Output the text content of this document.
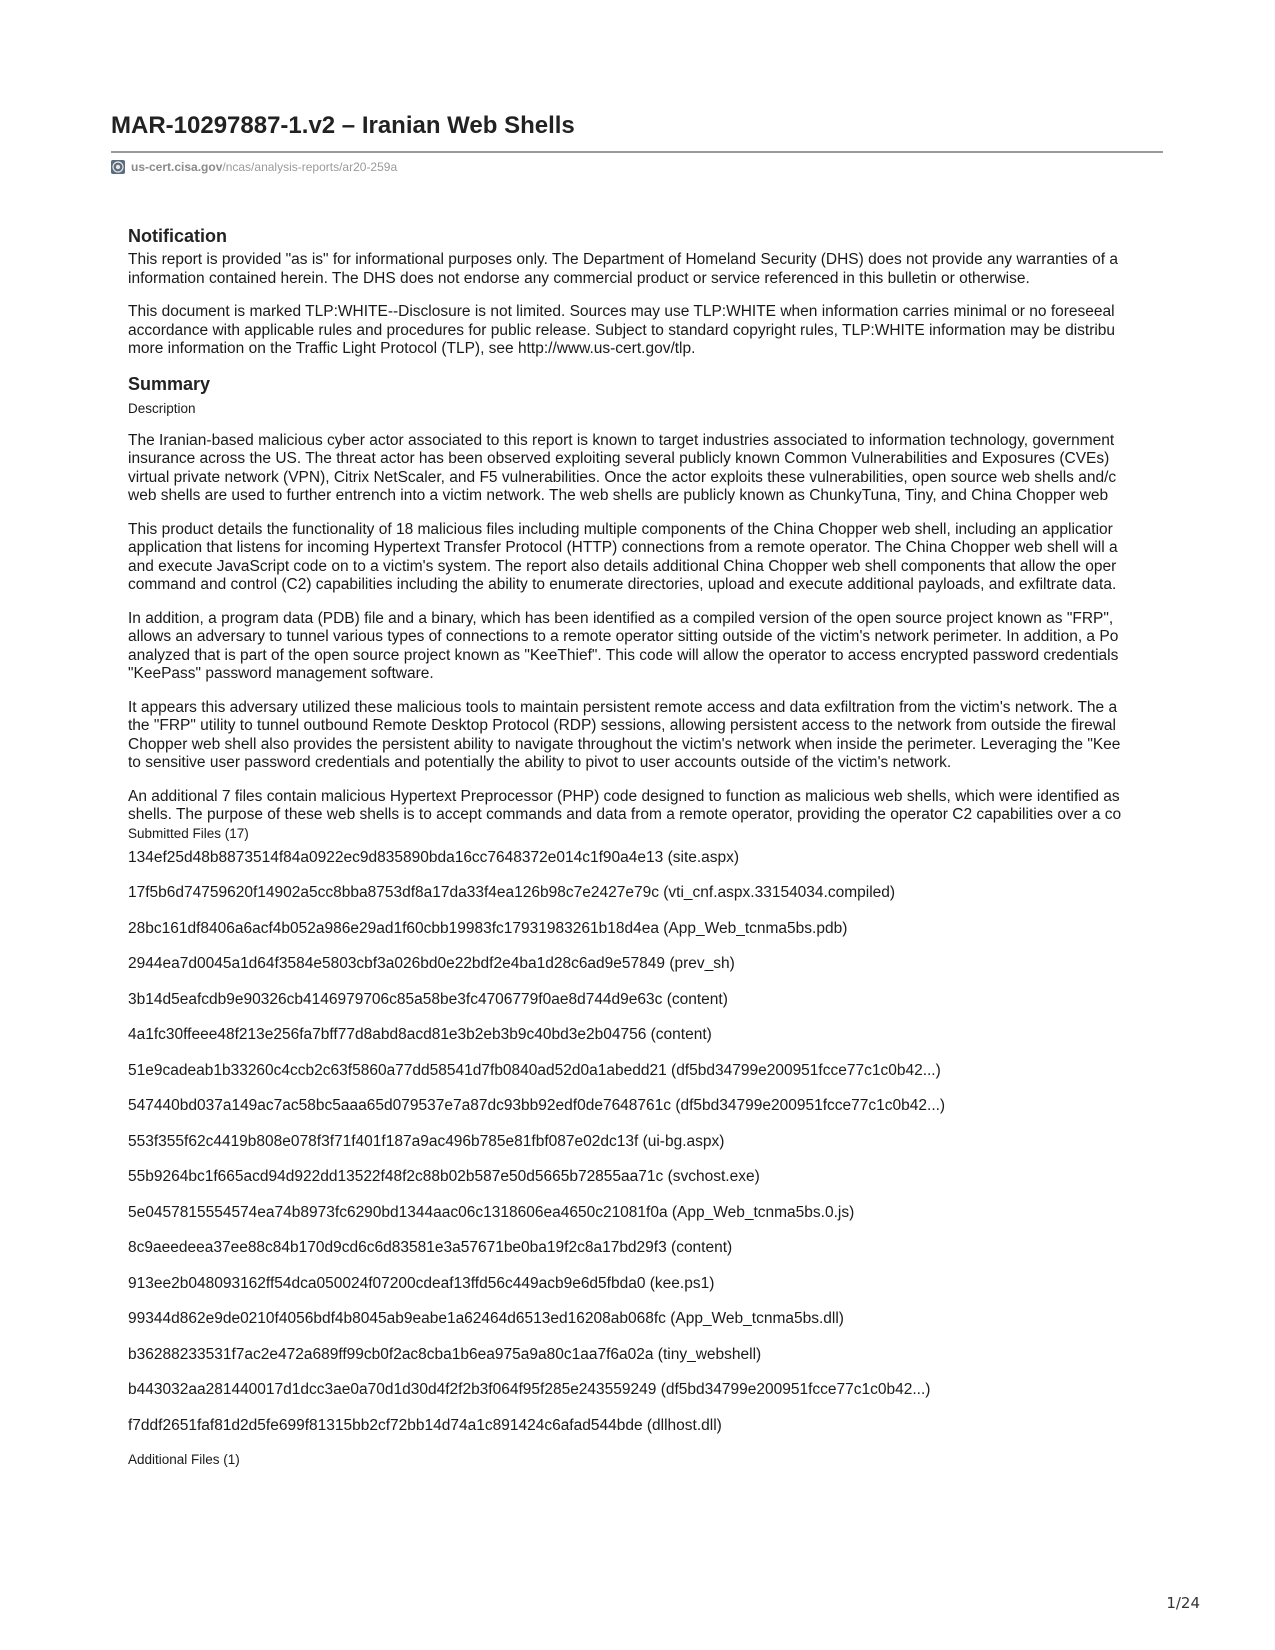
MAR-10297887-1.v2 – Iranian Web Shells
us-cert.cisa.gov /ncas/analysis-reports/ar20-259a
Notification

This report is provided "as is" for informational purposes only. The Department of Homeland Security (DHS) does not provide any warranties of a
information contained herein. The DHS does not endorse any commercial product or service referenced in this bulletin or otherwise.

This document is marked TLP:WHITE--Disclosure is not limited. Sources may use TLP:WHITE when information carries minimal or no foreseeal
accordance with applicable rules and procedures for public release. Subject to standard copyright rules, TLP:WHITE information may be distribu
more information on the Traffic Light Protocol (TLP), see http://www.us-cert.gov/tlp.

Summary

Description

The Iranian-based malicious cyber actor associated to this report is known to target industries associated to information technology, government
insurance across the US. The threat actor has been observed exploiting several publicly known Common Vulnerabilities and Exposures (CVEs)
virtual private network (VPN), Citrix NetScaler, and F5 vulnerabilities. Once the actor exploits these vulnerabilities, open source web shells and/c
web shells are used to further entrench into a victim network. The web shells are publicly known as ChunkyTuna, Tiny, and China Chopper web

This product details the functionality of 18 malicious files including multiple components of the China Chopper web shell, including an applicatior
application that listens for incoming Hypertext Transfer Protocol (HTTP) connections from a remote operator. The China Chopper web shell will a
and execute JavaScript code on to a victim's system. The report also details additional China Chopper web shell components that allow the oper
command and control (C2) capabilities including the ability to enumerate directories, upload and execute additional payloads, and exfiltrate data.

In addition, a program data (PDB) file and a binary, which has been identified as a compiled version of the open source project known as "FRP",
allows an adversary to tunnel various types of connections to a remote operator sitting outside of the victim's network perimeter. In addition, a Po
analyzed that is part of the open source project known as "KeeThief". This code will allow the operator to access encrypted password credentials
"KeePass" password management software.

It appears this adversary utilized these malicious tools to maintain persistent remote access and data exfiltration from the victim's network. The a
the "FRP" utility to tunnel outbound Remote Desktop Protocol (RDP) sessions, allowing persistent access to the network from outside the firewal
Chopper web shell also provides the persistent ability to navigate throughout the victim's network when inside the perimeter. Leveraging the "Kee
to sensitive user password credentials and potentially the ability to pivot to user accounts outside of the victim's network.

An additional 7 files contain malicious Hypertext Preprocessor (PHP) code designed to function as malicious web shells, which were identified as
shells. The purpose of these web shells is to accept commands and data from a remote operator, providing the operator C2 capabilities over a co

Submitted Files (17)

134ef25d48b8873514f84a0922ec9d835890bda16cc7648372e014c1f90a4e13 (site.aspx)

17f5b6d74759620f14902a5cc8bba8753df8a17da33f4ea126b98c7e2427e79c (vti_cnf.aspx.33154034.compiled)

28bc161df8406a6acf4b052a986e29ad1f60cbb19983fc17931983261b18d4ea (App_Web_tcnma5bs.pdb)

2944ea7d0045a1d64f3584e5803cbf3a026bd0e22bdf2e4ba1d28c6ad9e57849 (prev_sh)

3b14d5eafcdb9e90326cb4146979706c85a58be3fc4706779f0ae8d744d9e63c (content)

4a1fc30ffeee48f213e256fa7bff77d8abd8acd81e3b2eb3b9c40bd3e2b04756 (content)

51e9cadeab1b33260c4ccb2c63f5860a77dd58541d7fb0840ad52d0a1abedd21 (df5bd34799e200951fcce77c1c0b42...)

547440bd037a149ac7ac58bc5aaa65d079537e7a87dc93bb92edf0de7648761c (df5bd34799e200951fcce77c1c0b42...)

553f355f62c4419b808e078f3f71f401f187a9ac496b785e81fbf087e02dc13f (ui-bg.aspx)

55b9264bc1f665acd94d922dd13522f48f2c88b02b587e50d5665b72855aa71c (svchost.exe)

5e0457815554574ea74b8973fc6290bd1344aac06c1318606ea4650c21081f0a (App_Web_tcnma5bs.0.js)

8c9aeedeea37ee88c84b170d9cd6c6d83581e3a57671be0ba19f2c8a17bd29f3 (content)

913ee2b048093162ff54dca050024f07200cdeaf13ffd56c449acb9e6d5fbda0 (kee.ps1)

99344d862e9de0210f4056bdf4b8045ab9eabe1a62464d6513ed16208ab068fc (App_Web_tcnma5bs.dll)

b36288233531f7ac2e472a689ff99cb0f2ac8cba1b6ea975a9a80c1aa7f6a02a (tiny_webshell)

b443032aa281440017d1dcc3ae0a70d1d30d4f2f2b3f064f95f285e243559249 (df5bd34799e200951fcce77c1c0b42...)

f7ddf2651faf81d2d5fe699f81315bb2cf72bb14d74a1c891424c6afad544bde (dllhost.dll)

Additional Files (1)

1/24
